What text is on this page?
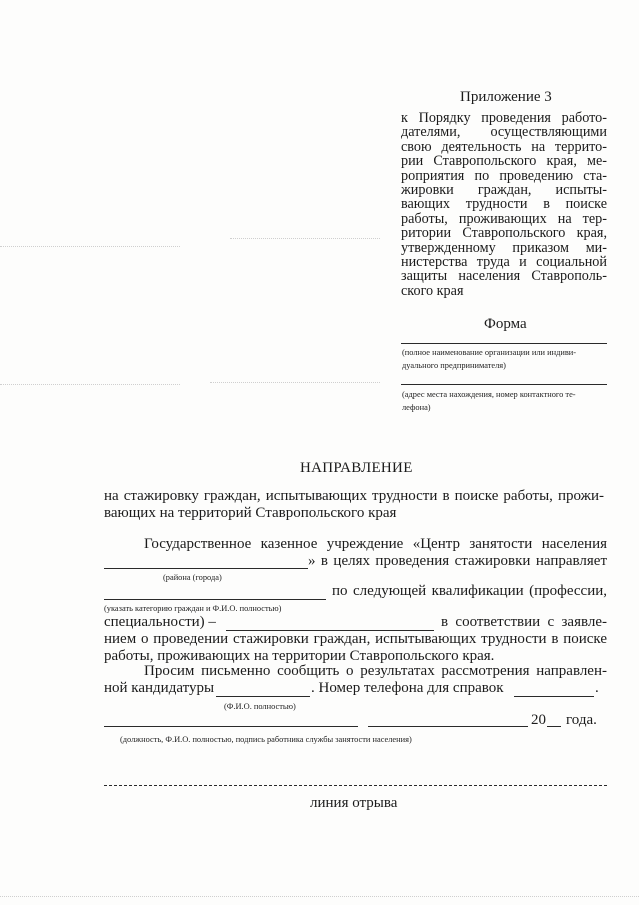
Приложение 3
к Порядку проведения работо-
дателями, осуществляющими
свою деятельность на террито-
рии Ставропольского края, ме-
роприятия по проведению ста-
жировки граждан, испыты-
вающих трудности в поиске
работы, проживающих на тер-
ритории Ставропольского края,
утвержденному приказом ми-
нистерства труда и социальной
защиты населения Ставрополь-
ского края
Форма
(полное наименование организации или индиви-
дуального предпринимателя)
(адрес места нахождения, номер контактного те-
лефона)
НАПРАВЛЕНИЕ
на стажировку граждан, испытывающих трудности в поиске работы, прожи-
вающих на территорий Ставропольского края
Государственное казенное учреждение «Центр занятости населения
» в целях проведения стажировки направляет
(района (города)
по следующей квалификации (профессии,
(указать категорию граждан и Ф.И.О. полностью)
специальности) –	в соответствии с заявле-
нием о проведении стажировки граждан, испытывающих трудности в поиске
работы, проживающих на территории Ставропольского края.
Просим письменно сообщить о результатах рассмотрения направлен-
ной кандидатуры	. Номер телефона для справок	.
(Ф.И.О. полностью)
20 года.
(должность, Ф.И.О. полностью, подпись работника службы занятости населения)
линия отрыва
